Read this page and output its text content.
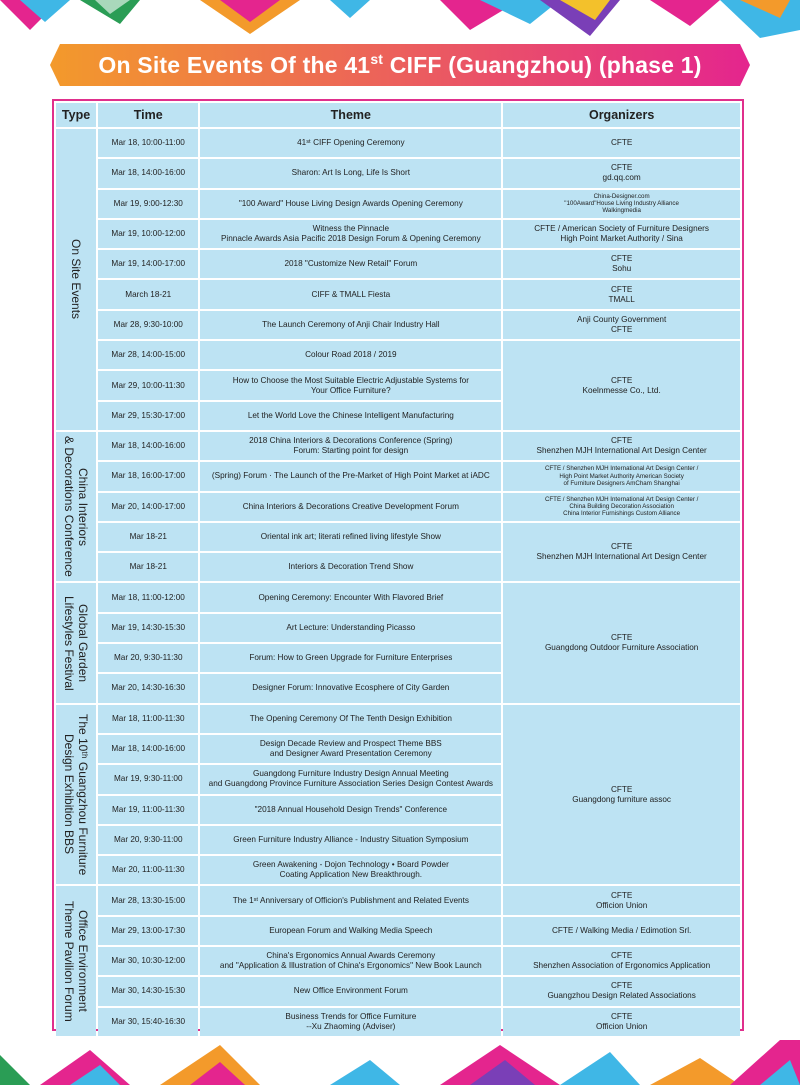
On Site Events Of the 41st CIFF (Guangzhou) (phase 1)
Type	Time	Theme	Organizers

On Site Events	Mar 18, 10:00-11:00	41ˢᵗ CIFF Opening Ceremony	CFTE

	Mar 18, 14:00-16:00	Sharon: Art Is Long, Life Is Short	CFTE
gd.qq.com

	Mar 19, 9:00-12:30	"100 Award" House Living Design Awards Opening Ceremony	China-Designer.com
"100Award"House Living Industry Alliance
Walkingmedia

	Mar 19, 10:00-12:00	Witness the Pinnacle
Pinnacle Awards Asia Pacific 2018 Design Forum & Opening Ceremony	CFTE / American Society of Furniture Designers
High Point Market Authority / Sina

	Mar 19, 14:00-17:00	2018 "Customize New Retail" Forum	CFTE
Sohu

	March 18-21	CIFF & TMALL Fiesta	CFTE
TMALL

	Mar 28, 9:30-10:00	The Launch Ceremony of Anji Chair Industry Hall	Anji County Government
CFTE

	Mar 28, 14:00-15:00	Colour Road 2018 / 2019	CFTE
Koelnmesse Co., Ltd.

	Mar 29, 10:00-11:30	How to Choose the Most Suitable Electric Adjustable Systems for
Your Office Furniture?	

	Mar 29, 15:30-17:00	Let the World Love the Chinese Intelligent Manufacturing	

China Interiors
& Decorations Conference	Mar 18, 14:00-16:00	2018 China Interiors & Decorations Conference (Spring)
Forum: Starting point for design	CFTE
Shenzhen MJH International Art Design Center

	Mar 18, 16:00-17:00	(Spring) Forum · The Launch of the Pre-Market of High Point Market at iADC	CFTE / Shenzhen MJH International Art Design Center /
High Point Market Authority American Society
of Furniture Designers AmCham Shanghai

	Mar 20, 14:00-17:00	China Interiors & Decorations Creative Development Forum	CFTE / Shenzhen MJH International Art Design Center /
China Building Decoration Association
China Interior Furnishings Custom Alliance

	Mar 18-21	Oriental ink art; literati refined living lifestyle Show	CFTE
Shenzhen MJH International Art Design Center

	Mar 18-21	Interiors & Decoration Trend Show	

Global Garden
Lifestyles Festival	Mar 18, 11:00-12:00	Opening Ceremony: Encounter With Flavored Brief	CFTE
Guangdong Outdoor Furniture Association

	Mar 19, 14:30-15:30	Art Lecture: Understanding Picasso	

	Mar 20, 9:30-11:30	Forum: How to Green Upgrade for Furniture Enterprises	

	Mar 20, 14:30-16:30	Designer Forum: Innovative Ecosphere of City Garden	

The 10ᵗʰ Guangzhou Furniture
Design Exhibition BBS	Mar 18, 11:00-11:30	The Opening Ceremony Of The Tenth Design Exhibition	CFTE
Guangdong furniture assoc

	Mar 18, 14:00-16:00	Design Decade Review and Prospect Theme BBS
and Designer Award Presentation Ceremony	

	Mar 19, 9:30-11:00	Guangdong Furniture Industry Design Annual Meeting
and Guangdong Province Furniture Association Series Design Contest Awards	

	Mar 19, 11:00-11:30	"2018 Annual Household Design Trends" Conference	

	Mar 20, 9:30-11:00	Green Furniture Industry Alliance - Industry Situation Symposium	

	Mar 20, 11:00-11:30	Green Awakening - Dojon Technology • Board Powder
Coating Application New Breakthrough.	

Office Environment
Theme Pavilion Forum	Mar 28, 13:30-15:00	The 1ˢᵗ Anniversary of Officion's Publishment and Related Events	CFTE
Officion Union

	Mar 29, 13:00-17:30	European Forum and Walking Media Speech	CFTE / Walking Media / Edimotion Srl.

	Mar 30, 10:30-12:00	China's Ergonomics Annual Awards Ceremony
and "Application & Illustration of China's Ergonomics" New Book Launch	CFTE
Shenzhen Association of Ergonomics Application

	Mar 30, 14:30-15:30	New Office Environment Forum	CFTE
Guangzhou Design Related Associations

	Mar 30, 15:40-16:30	Business Trends for Office Furniture
--Xu Zhaoming (Adviser)	CFTE
Officion Union
